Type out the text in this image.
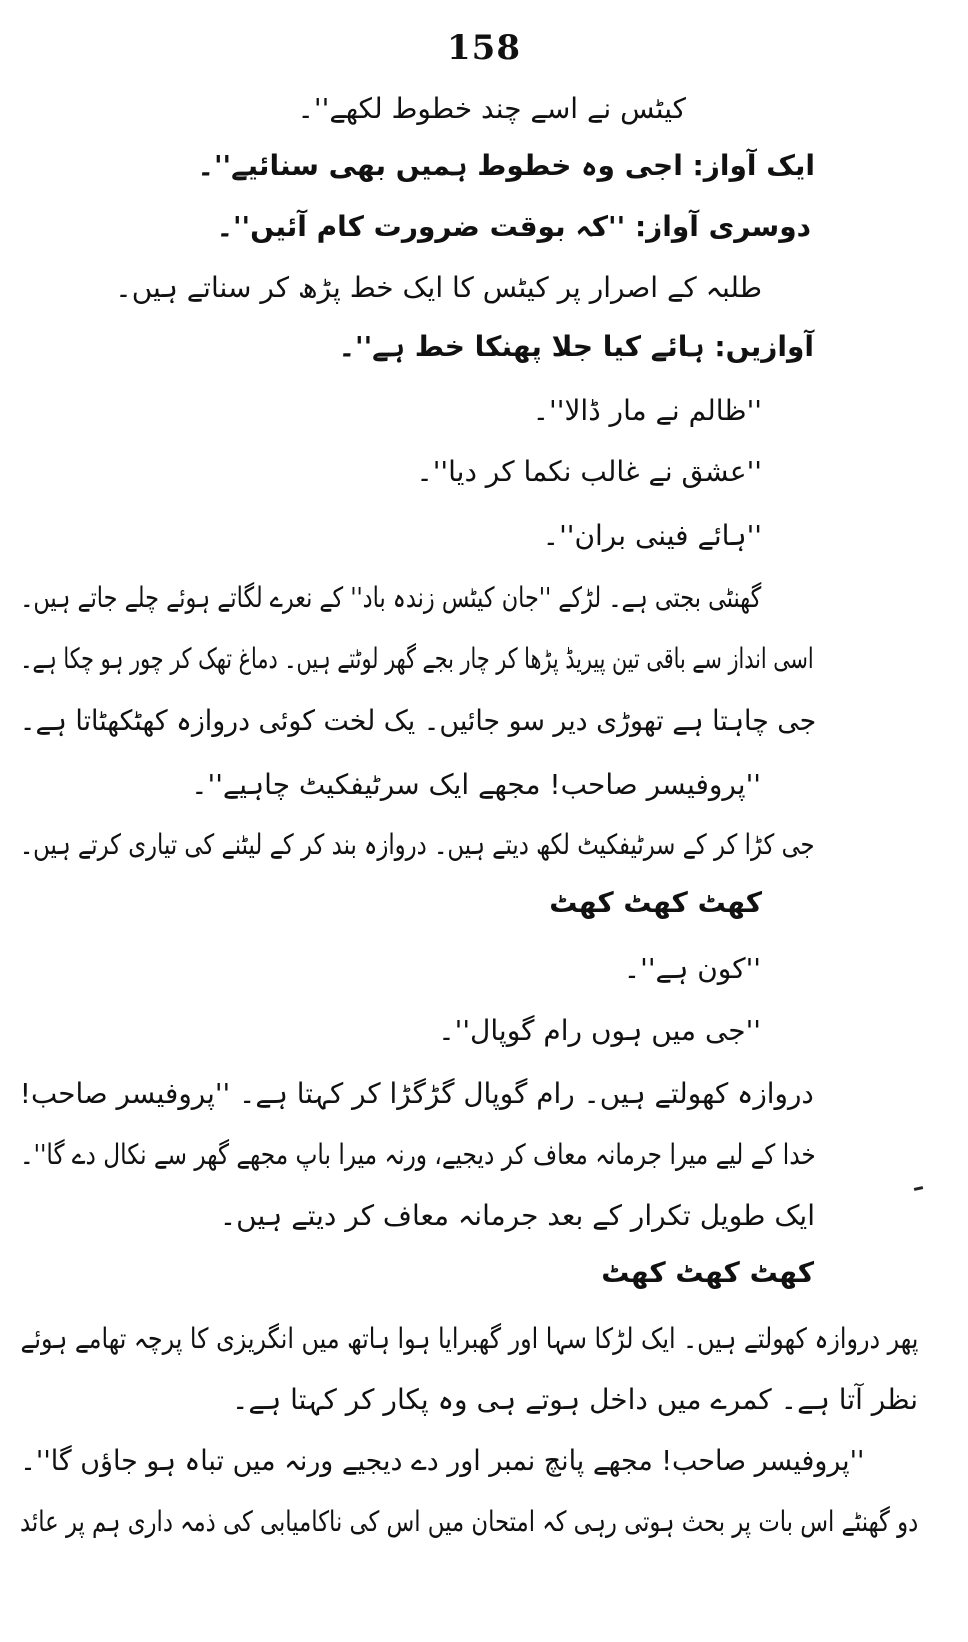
158
کیٹس نے اسے چند خطوط لکھے''۔
ایک آواز: اجی وہ خطوط ہمیں بھی سنائیے''۔
دوسری آواز: ''کہ بوقت ضرورت کام آئیں''۔
طلبہ کے اصرار پر کیٹس کا ایک خط پڑھ کر سناتے ہیں۔
آوازیں: ہائے کیا جلا پھنکا خط ہے''۔
''ظالم نے مار ڈالا''۔
''عشق نے غالب نکما کر دیا''۔
''ہائے فینی بران''۔
گھنٹی بجتی ہے۔ لڑکے ''جان کیٹس زندہ باد'' کے نعرے لگاتے ہوئے چلے جاتے ہیں۔
اسی انداز سے باقی تین پیریڈ پڑھا کر چار بجے گھر لوٹتے ہیں۔ دماغ تھک کر چور ہو چکا ہے۔
جی چاہتا ہے تھوڑی دیر سو جائیں۔ یک لخت کوئی دروازہ کھٹکھٹاتا ہے۔
''پروفیسر صاحب! مجھے ایک سرٹیفکیٹ چاہیے''۔
جی کڑا کر کے سرٹیفکیٹ لکھ دیتے ہیں۔ دروازہ بند کر کے لیٹنے کی تیاری کرتے ہیں۔
کھٹ کھٹ کھٹ
''کون ہے''۔
''جی میں ہوں رام گوپال''۔
دروازہ کھولتے ہیں۔ رام گوپال گڑگڑا کر کہتا ہے۔ ''پروفیسر صاحب!
خدا کے لیے میرا جرمانہ معاف کر دیجیے، ورنہ میرا باپ مجھے گھر سے نکال دے گا''۔
ایک طویل تکرار کے بعد جرمانہ معاف کر دیتے ہیں۔
کھٹ کھٹ کھٹ
پھر دروازہ کھولتے ہیں۔ ایک لڑکا سہا اور گھبرایا ہوا ہاتھ میں انگریزی کا پرچہ تھامے ہوئے
نظر آتا ہے۔ کمرے میں داخل ہوتے ہی وہ پکار کر کہتا ہے۔
''پروفیسر صاحب! مجھے پانچ نمبر اور دے دیجیے ورنہ میں تباہ ہو جاؤں گا''۔
دو گھنٹے اس بات پر بحث ہوتی رہی کہ امتحان میں اس کی ناکامیابی کی ذمہ داری ہم پر عائد
